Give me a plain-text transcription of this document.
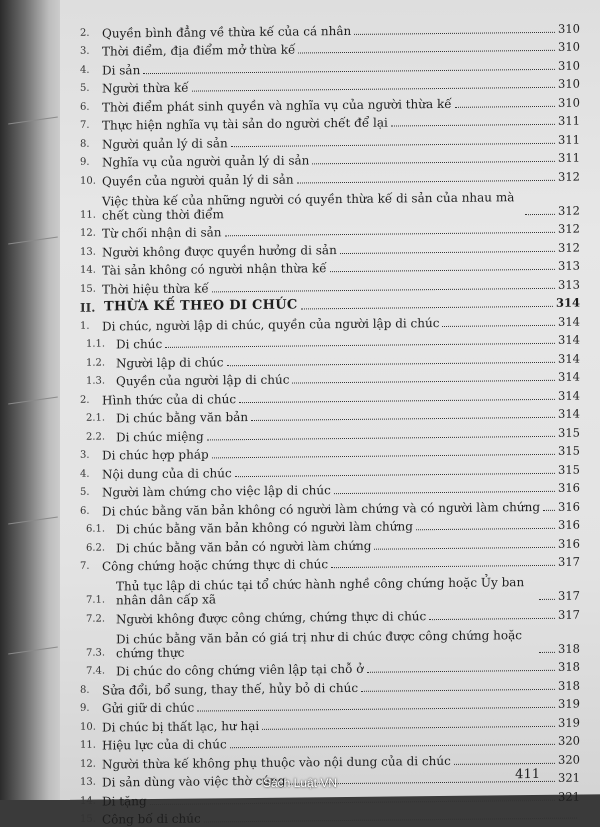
2.	Quyền bình đẳng về thừa kế của cá nhân	310
3.	Thời điểm, địa điểm mở thừa kế	310
4.	Di sản	310
5.	Người thừa kế	310
6.	Thời điểm phát sinh quyền và nghĩa vụ của người thừa kế	310
7.	Thực hiện nghĩa vụ tài sản do người chết để lại	311
8.	Người quản lý di sản	311
9.	Nghĩa vụ của người quản lý di sản	311
10. Quyền của người quản lý di sản	312
11.
Việc thừa kế của những người có quyền thừa kế di sản của nhau mà chết cùng thời điểm	312
12. Từ chối nhận di sản	312
13. Người không được quyền hưởng di sản	312
14. Tài sản không có người nhận thừa kế	313
15. Thời hiệu thừa kế	313
II. THỪA KẾ THEO DI CHÚC	314
1.	Di chúc, người lập di chúc, quyền của người lập di chúc	314
1.1. Di chúc	314
1.2. Người lập di chúc	314
1.3. Quyền của người lập di chúc	314
2.	Hình thức của di chúc	314
2.1. Di chúc bằng văn bản	314
2.2. Di chúc miệng	315
3.	Di chúc hợp pháp	315
4.	Nội dung của di chúc	315
5.	Người làm chứng cho việc lập di chúc	316
6.	Di chúc bằng văn bản không có người làm chứng và có người làm chứng 316
6.1. Di chúc bằng văn bản không có người làm chứng	316
6.2. Di chúc bằng văn bản có người làm chứng	316
7.	Công chứng hoặc chứng thực di chúc	317
7.1.
Thủ tục lập di chúc tại tổ chức hành nghề công chứng hoặc Ủy ban nhân dân cấp xã	317
7.2. Người không được công chứng, chứng thực di chúc	317
7.3.
Di chúc bằng văn bản có giá trị như di chúc được công chứng hoặc chứng thực	318
7.4. Di chúc do công chứng viên lập tại chỗ ở	318
8.	Sửa đổi, bổ sung, thay thế, hủy bỏ di chúc	318
9.	Gửi giữ di chúc	319
10. Di chúc bị thất lạc, hư hại	319
11. Hiệu lực của di chúc	320
12. Người thừa kế không phụ thuộc vào nội dung của di chúc	320
13. Di sản dùng vào việc thờ cúng	321
14. Di tặng	321
15. Công bố di chúc
411
Sách Luật VN
